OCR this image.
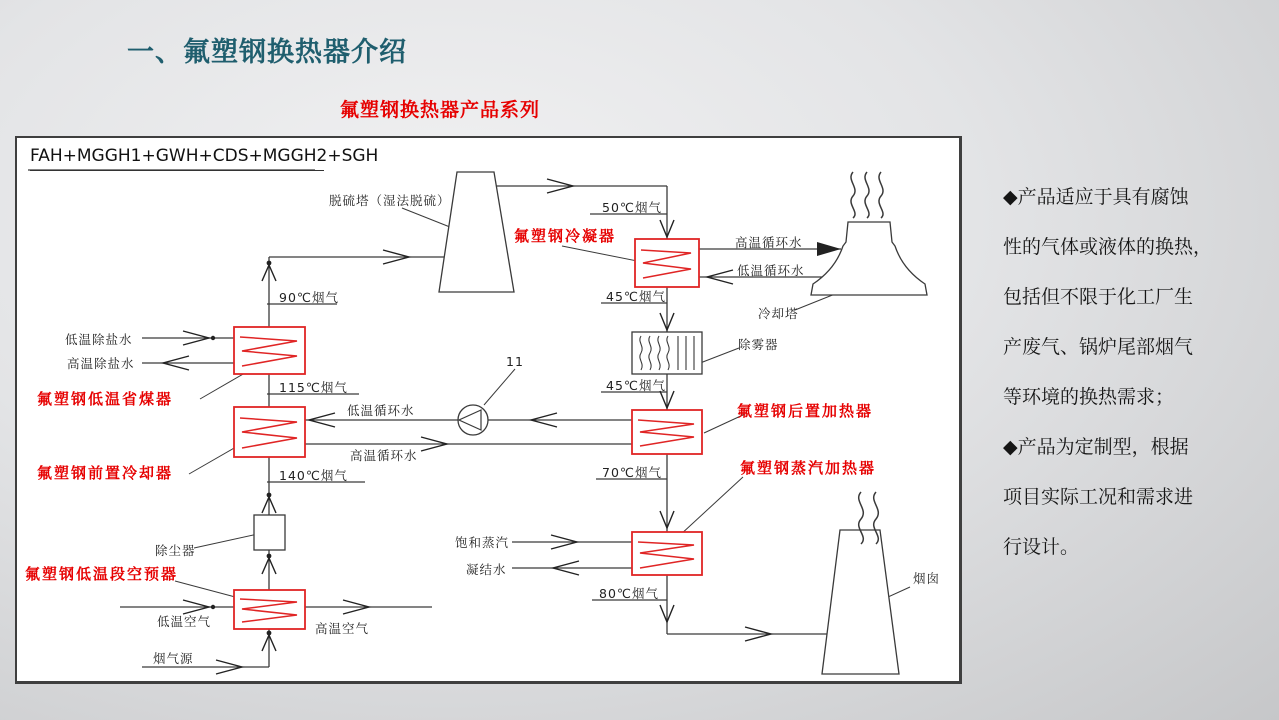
一、氟塑钢换热器介绍
氟塑钢换热器产品系列
FAH+MGGH1+GWH+CDS+MGGH2+SGH
脱硫塔（湿法脱硫）	50℃烟气
90℃烟气
氟塑钢冷凝器	高温循环水
低温循环水
冷却塔
45℃烟气
除雾器
45℃烟气
氟塑钢后置加热器
低温循环水
11
高温循环水
低温除盐水
高温除盐水
氟塑钢低温省煤器
115℃烟气
氟塑钢前置冷却器	140℃烟气
除尘器
氟塑钢低温段空预器
低温空气	高温空气
烟气源
氟塑钢蒸汽加热器
饱和蒸汽
凝结水
70℃烟气
80℃烟气
烟囱
◆产品适应于具有腐蚀
性的气体或液体的换热，
包括但不限于化工厂生
产废气、锅炉尾部烟气
等环境的换热需求；
◆产品为定制型，根据
项目实际工况和需求进
行设计。
